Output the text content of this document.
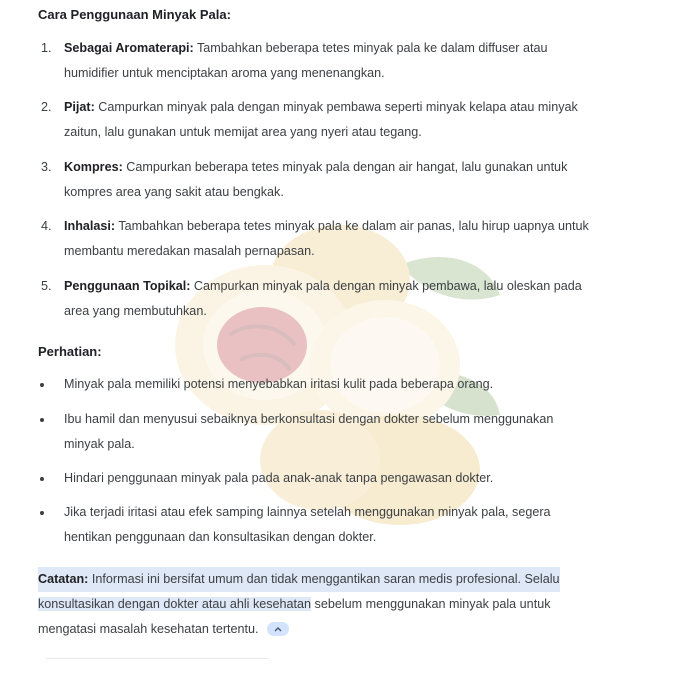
Cara Penggunaan Minyak Pala:
1. Sebagai Aromaterapi: Tambahkan beberapa tetes minyak pala ke dalam diffuser atau
humidifier untuk menciptakan aroma yang menenangkan.
2. Pijat: Campurkan minyak pala dengan minyak pembawa seperti minyak kelapa atau minyak
zaitun, lalu gunakan untuk memijat area yang nyeri atau tegang.
3. Kompres: Campurkan beberapa tetes minyak pala dengan air hangat, lalu gunakan untuk
kompres area yang sakit atau bengkak.
4. Inhalasi: Tambahkan beberapa tetes minyak pala ke dalam air panas, lalu hirup uapnya untuk
membantu meredakan masalah pernapasan.
5. Penggunaan Topikal: Campurkan minyak pala dengan minyak pembawa, lalu oleskan pada
area yang membutuhkan.
Perhatian:
Minyak pala memiliki potensi menyebabkan iritasi kulit pada beberapa orang.
Ibu hamil dan menyusui sebaiknya berkonsultasi dengan dokter sebelum menggunakan
minyak pala.
Hindari penggunaan minyak pala pada anak-anak tanpa pengawasan dokter.
Jika terjadi iritasi atau efek samping lainnya setelah menggunakan minyak pala, segera
hentikan penggunaan dan konsultasikan dengan dokter.
Catatan: Informasi ini bersifat umum dan tidak menggantikan saran medis profesional. Selalu
konsultasikan dengan dokter atau ahli kesehatan sebelum menggunakan minyak pala untuk
mengatasi masalah kesehatan tertentu.
